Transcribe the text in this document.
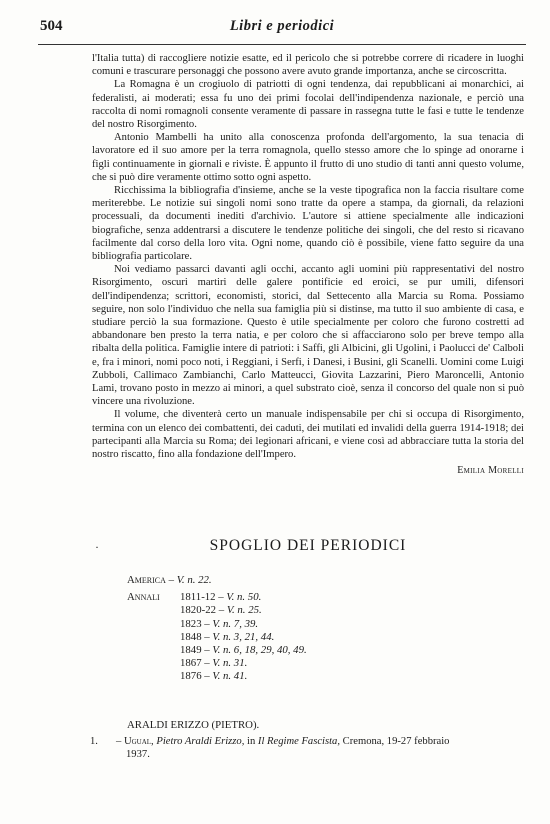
504	Libri e periodici

l'Italia tutta) di raccogliere notizie esatte, ed il pericolo che si potrebbe correre di ricadere in luoghi comuni e trascurare personaggi che possono avere avuto grande importanza, anche se circoscritta.

La Romagna è un crogiuolo di patriotti di ogni tendenza, dai repubblicani ai monarchici, ai federalisti, ai moderati; essa fu uno dei primi focolai dell'indipendenza nazionale, e perciò una raccolta di nomi romagnoli consente veramente di passare in rassegna tutte le fasi e tutte le tendenze del nostro Risorgimento.

Antonio Mambelli ha unito alla conoscenza profonda dell'argomento, la sua tenacia di lavoratore ed il suo amore per la terra romagnola, quello stesso amore che lo spinge ad onorarne i figli continuamente in giornali e riviste. È appunto il frutto di uno studio di tanti anni questo volume, che si può dire veramente ottimo sotto ogni aspetto.

Ricchissima la bibliografia d'insieme, anche se la veste tipografica non la faccia risultare come meriterebbe. Le notizie sui singoli nomi sono tratte da opere a stampa, da giornali, da relazioni processuali, da documenti inediti d'archivio. L'autore si attiene specialmente alle indicazioni biografiche, senza addentrarsi a discutere le tendenze politiche dei singoli, che del resto si ricavano facilmente dal corso della loro vita. Ogni nome, quando ciò è possibile, viene fatto seguire da una bibliografia particolare.

Noi vediamo passarci davanti agli occhi, accanto agli uomini più rappresentativi del nostro Risorgimento, oscuri martiri delle galere pontificie ed eroici, se pur umili, difensori dell'indipendenza; scrittori, economisti, storici, dal Settecento alla Marcia su Roma. Possiamo seguire, non solo l'individuo che nella sua famiglia più si distinse, ma tutto il suo ambiente di casa, e studiare perciò la sua formazione. Questo è utile specialmente per coloro che furono costretti ad abbandonare ben presto la terra natia, e per coloro che si affacciarono solo per breve tempo alla ribalta della politica. Famiglie intere di patrioti: i Saffi, gli Albicini, gli Ugolini, i Paolucci de' Calboli e, fra i minori, nomi poco noti, i Reggiani, i Serfi, i Danesi, i Busini, gli Scanelli. Uomini come Luigi Zubboli, Callimaco Zambianchi, Carlo Matteucci, Giovita Lazzarini, Piero Maroncelli, Antonio Lami, trovano posto in mezzo ai minori, a quel substrato cioè, senza il concorso del quale non si può vincere una rivoluzione.

Il volume, che diventerà certo un manuale indispensabile per chi si occupa di Risorgimento, termina con un elenco dei combattenti, dei caduti, dei mutilati ed invalidi della guerra 1914-1918; dei partecipanti alla Marcia su Roma; dei legionari africani, e viene così ad abbracciare tutta la storia del nostro riscatto, fino alla fondazione dell'Impero.

Emilia Morelli
·	SPOGLIO DEI PERIODICI
America – V. n. 22.
Annali	1811-12 – V. n. 50.
1820-22 – V. n. 25.
1823 – V. n. 7, 39.
1848 – V. n. 3, 21, 44.
1849 – V. n. 6, 18, 29, 40, 49.
1867 – V. n. 31.
1876 – V. n. 41.
ARALDI ERIZZO (PIETRO).
1. – Ugual, Pietro Araldi Erizzo, in Il Regime Fascista, Cremona, 19-27 febbraio
1937.
